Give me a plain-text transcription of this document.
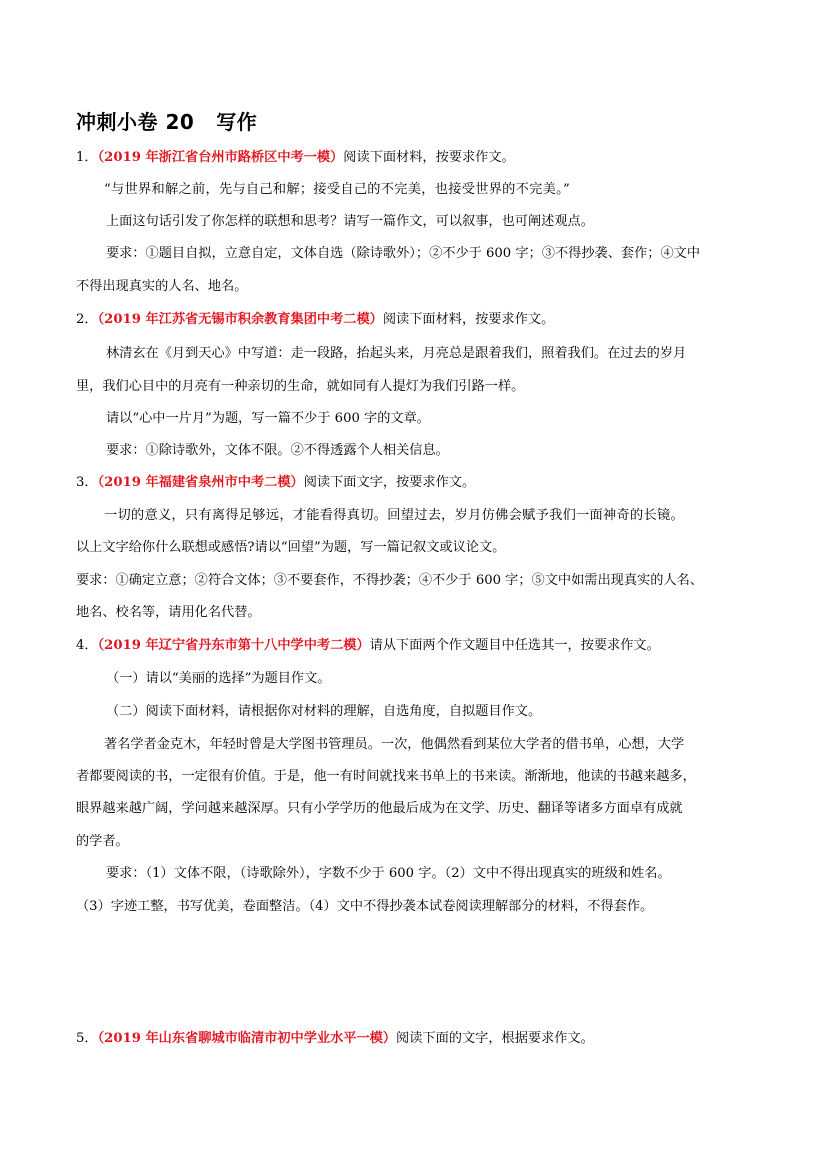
冲刺小卷 20 写作
1．（2019 年浙江省台州市路桥区中考一模）阅读下面材料，按要求作文。
“与世界和解之前，先与自己和解；接受自己的不完美，也接受世界的不完美。”
上面这句话引发了你怎样的联想和思考？请写一篇作文，可以叙事，也可阐述观点。
要求：①题目自拟，立意自定，文体自选（除诗歌外）；②不少于 600 字；③不得抄袭、套作；④文中
不得出现真实的人名、地名。
2．（2019 年江苏省无锡市积余教育集团中考二模）阅读下面材料，按要求作文。
林清玄在《月到天心》中写道：走一段路，抬起头来，月亮总是跟着我们，照着我们。在过去的岁月
里，我们心目中的月亮有一种亲切的生命，就如同有人提灯为我们引路一样。
请以“心中一片月”为题，写一篇不少于 600 字的文章。
要求：①除诗歌外，文体不限。②不得透露个人相关信息。
3．（2019 年福建省泉州市中考二模）阅读下面文字，按要求作文。
一切的意义，只有离得足够远，才能看得真切。回望过去，岁月仿佛会赋予我们一面神奇的长镜。
以上文字给你什么联想或感悟?请以“回望”为题，写一篇记叙文或议论文。
要求：①确定立意；②符合文体；③不要套作，不得抄袭；④不少于 600 字；⑤文中如需出现真实的人名、
地名、校名等，请用化名代替。
4．（2019 年辽宁省丹东市第十八中学中考二模）请从下面两个作文题目中任选其一，按要求作文。
（一）请以“美丽的选择”为题目作文。
（二）阅读下面材料，请根据你对材料的理解，自选角度，自拟题目作文。
著名学者金克木，年轻时曾是大学图书管理员。一次，他偶然看到某位大学者的借书单，心想，大学
者都要阅读的书，一定很有价值。于是，他一有时间就找来书单上的书来读。渐渐地，他读的书越来越多，
眼界越来越广阔，学问越来越深厚。只有小学学历的他最后成为在文学、历史、翻译等诸多方面卓有成就
的学者。
要求：（1）文体不限，（诗歌除外），字数不少于 600 字。（2）文中不得出现真实的班级和姓名。
（3）字迹工整，书写优美，卷面整洁。（4）文中不得抄袭本试卷阅读理解部分的材料，不得套作。
5．（2019 年山东省聊城市临清市初中学业水平一模）阅读下面的文字，根据要求作文。
